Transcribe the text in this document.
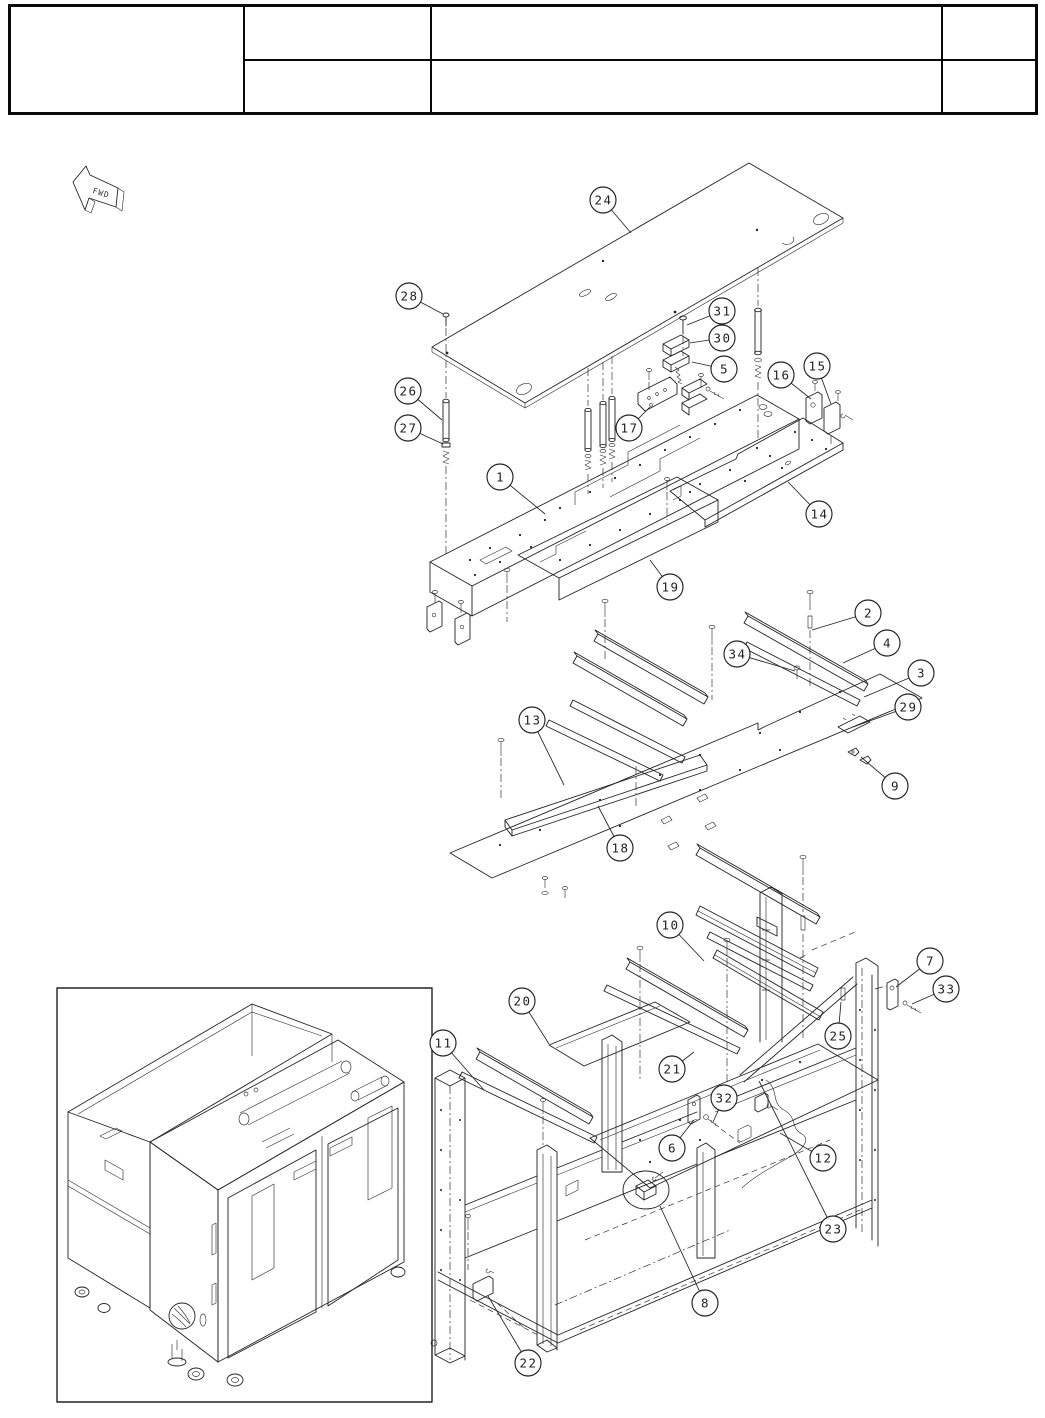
FWD
1
2
3
4
5
6
7
8
9
10
11
12
13
14
15
16
17
18
19
20
21
22
23
24
25
26
27
28
29
30
31
32
33
34
